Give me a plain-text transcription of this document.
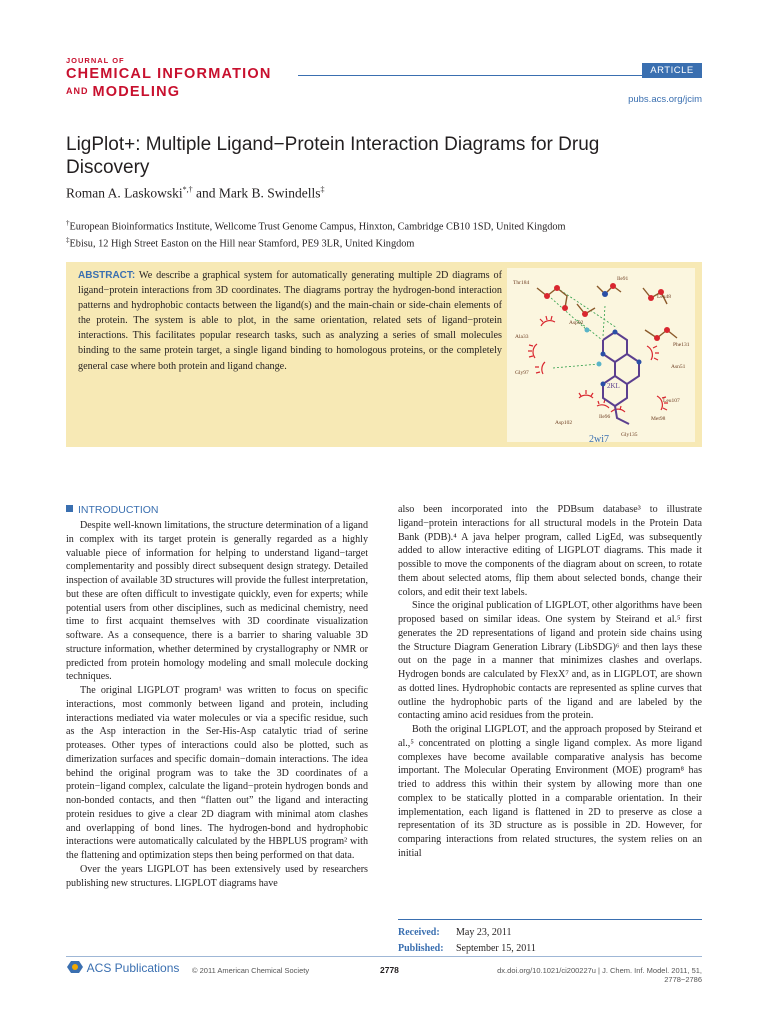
JOURNAL OF
CHEMICAL INFORMATION
AND MODELING
ARTICLE
pubs.acs.org/jcim
LigPlot+: Multiple Ligand−Protein Interaction Diagrams for Drug Discovery
Roman A. Laskowski*,† and Mark B. Swindells‡
†European Bioinformatics Institute, Wellcome Trust Genome Campus, Hinxton, Cambridge CB10 1SD, United Kingdom
‡Ebisu, 12 High Street Easton on the Hill near Stamford, PE9 3LR, United Kingdom
ABSTRACT: We describe a graphical system for automatically generating multiple 2D diagrams of ligand−protein interactions from 3D coordinates. The diagrams portray the hydrogen-bond interaction patterns and hydrophobic contacts between the ligand(s) and the main-chain or side-chain elements of the protein. The system is able to plot, in the same orientation, related sets of ligand−protein interactions. This facilitates popular research tasks, such as analyzing a series of small molecules binding to the same protein target, a single ligand binding to homologous proteins, or the completely general case where both protein and ligand change.
Thr184
Ile91
Leu48
Asp92
Ala33
Phe131
Asn51
Gly97
2KL
Leu107
Asp102
Ile96	Met98
Gly135
2wi7
INTRODUCTION

Despite well-known limitations, the structure determination of a ligand in complex with its target protein is generally regarded as a highly valuable piece of information for helping to understand ligand−target complementarity and possibly direct subsequent design strategy. Detailed inspection of available 3D structures will provide the fullest interpretation, but these are often difficult to investigate quickly, even for experts; while potential users from other disciplines, such as medicinal chemistry, need time to first acquaint themselves with 3D coordinate visualization software. As a consequence, there is a barrier to sharing valuable 3D structure information, whether determined by crystallography or NMR or predicted from protein homology modeling and small molecule docking techniques.

The original LIGPLOT program¹ was written to focus on specific interactions, most commonly between ligand and protein, including interactions mediated via water molecules or via a specific residue, such as the Asp interaction in the Ser-His-Asp catalytic triad of serine proteases. Other types of interactions could also be plotted, such as dimerization surfaces and specific domain−domain interactions. The idea behind the original program was to take the 3D coordinates of a protein−ligand complex, calculate the ligand−protein hydrogen bonds and non-bonded contacts, and then “flatten out” the ligand and interacting protein residues to give a clear 2D diagram with minimal atom clashes and overlapping of bond lines. The hydrogen-bond and hydrophobic interactions were automatically calculated by the HBPLUS program² with the flattening and optimization steps then being performed on that data.

Over the years LIGPLOT has been extensively used by researchers publishing new structures. LIGPLOT diagrams have

also been incorporated into the PDBsum database³ to illustrate ligand−protein interactions for all structural models in the Protein Data Bank (PDB).⁴ A java helper program, called LigEd, was subsequently added to allow interactive editing of LIGPLOT diagrams. This made it possible to move the components of the diagram about on screen, to rotate them about selected atoms, flip them about selected bonds, change their colors, and edit their text labels.

Since the original publication of LIGPLOT, other algorithms have been proposed based on similar ideas. One system by Steirand et al.⁵ first generates the 2D representations of ligand and protein side chains using the Structure Diagram Generation Library (LibSDG)⁶ and then lays these out on the page in a manner that minimizes clashes and overlaps. Hydrogen bonds are calculated by FlexX⁷ and, as in LIGPLOT, are shown as dotted lines. Hydrophobic contacts are represented as spline curves that outline the hydrophobic parts of the ligand and are labeled by the contacting amino acid residues from the protein.

Both the original LIGPLOT, and the approach proposed by Steirand et al.,⁵ concentrated on plotting a single ligand complex. As more ligand complexes have become available comparative analysis has become important. The Molecular Operating Environment (MOE) program⁸ has tried to address this within their system by allowing more than one complex to be statically plotted in a comparable orientation. In their implementation, each ligand is flattened in 2D to preserve as close a representation of its 3D structure as is possible in 2D. However, for comparing interactions from related structures, the system relies on an initial

Received: May 23, 2011
Published: September 15, 2011
ACS Publications © 2011 American Chemical Society	2778	dx.doi.org/10.1021/ci200227u | J. Chem. Inf. Model. 2011, 51, 2778−2786
